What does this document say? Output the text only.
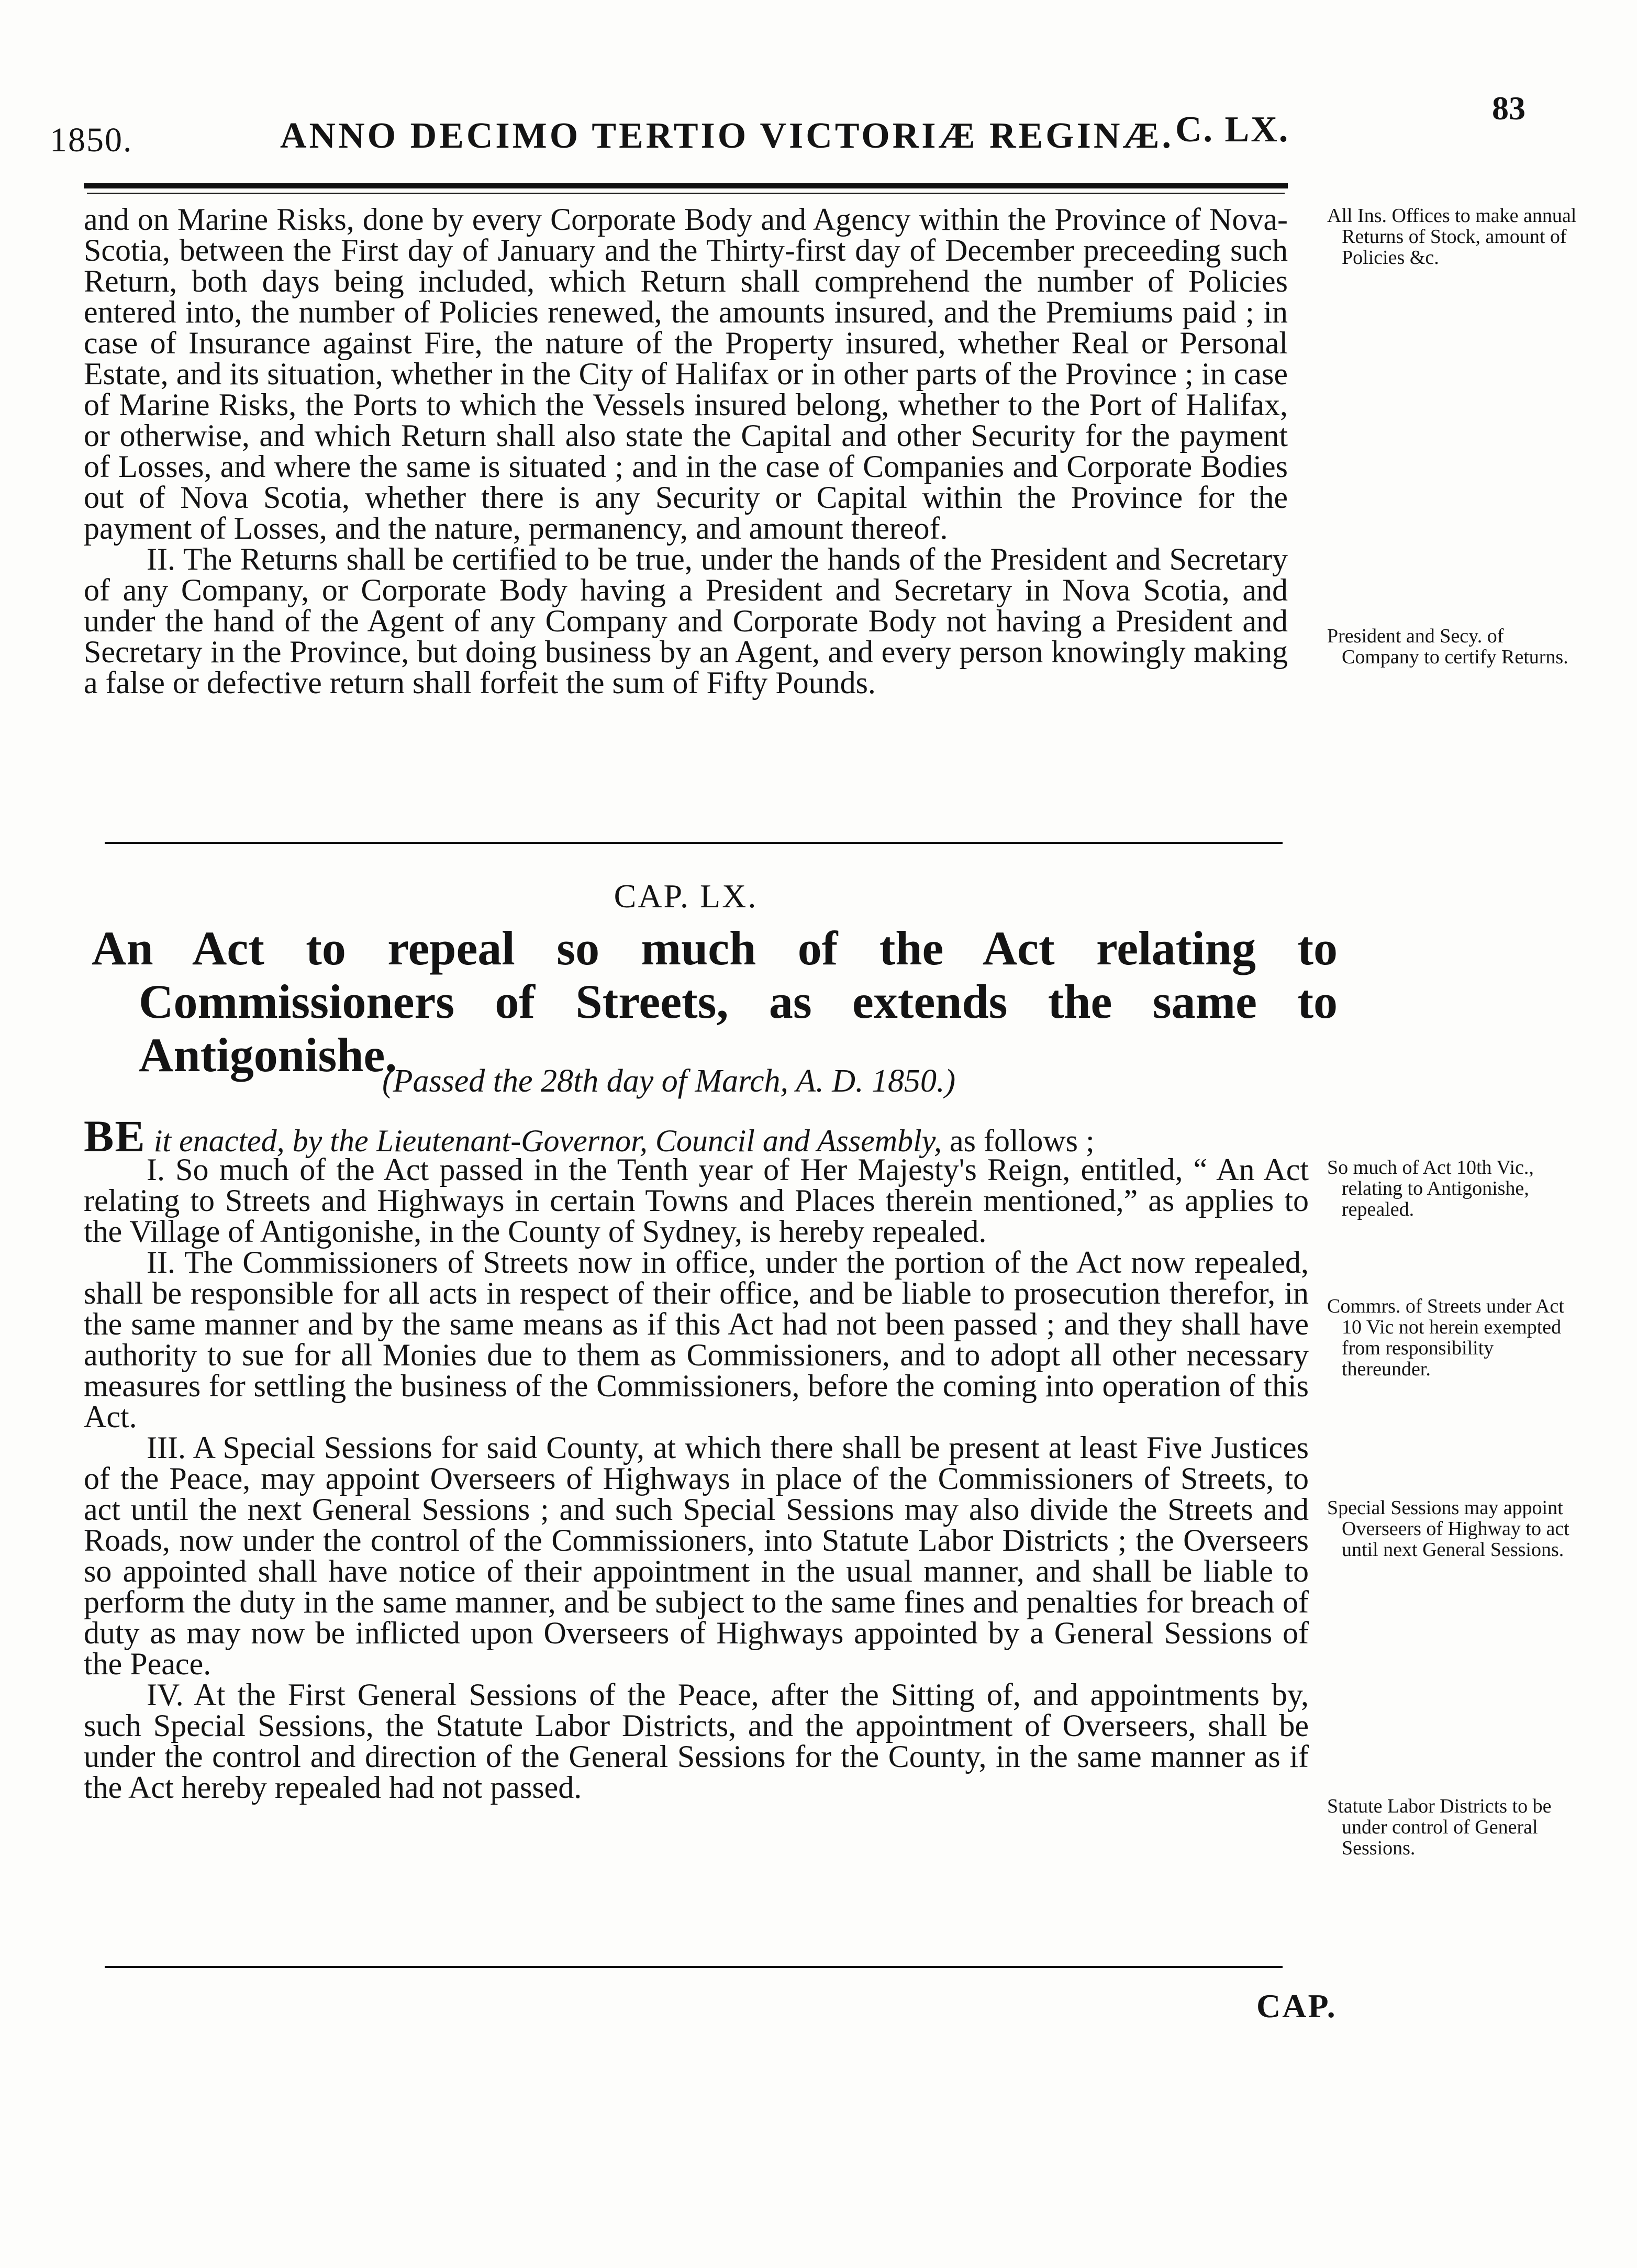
1850.	ANNO DECIMO TERTIO VICTORIÆ REGINÆ. C. LX.
83

and on Marine Risks, done by every Corporate Body and Agency within the Province of Nova-Scotia, between the First day of January and the Thirty-first day of December preceeding such Return, both days being included, which Return shall comprehend the number of Policies entered into, the number of Policies renewed, the amounts insured, and the Premiums paid ; in case of Insurance against Fire, the nature of the Property insured, whether Real or Personal Estate, and its situation, whether in the City of Halifax or in other parts of the Province ; in case of Marine Risks, the Ports to which the Vessels insured belong, whether to the Port of Halifax, or otherwise, and which Return shall also state the Capital and other Security for the payment of Losses, and where the same is situated ; and in the case of Companies and Corporate Bodies out of Nova Scotia, whether there is any Security or Capital within the Province for the payment of Losses, and the nature, permanency, and amount thereof.

II. The Returns shall be certified to be true, under the hands of the President and Secretary of any Company, or Corporate Body having a President and Secretary in Nova Scotia, and under the hand of the Agent of any Company and Corporate Body not having a President and Secretary in the Province, but doing business by an Agent, and every person knowingly making a false or defective return shall forfeit the sum of Fifty Pounds.

All Ins. Offices to make annual Returns of Stock, amount of Policies &c.
President and Secy. of Company to certify Returns.
CAP. LX.
An Act to repeal so much of the Act relating to Commissioners of Streets, as extends the same to Antigonishe.
(Passed the 28th day of March, A. D. 1850.)
BE it enacted, by the Lieutenant-Governor, Council and Assembly, as follows ;

I. So much of the Act passed in the Tenth year of Her Majesty's Reign, entitled, “ An Act relating to Streets and Highways in certain Towns and Places therein mentioned,” as applies to the Village of Antigonishe, in the County of Sydney, is hereby repealed.

II. The Commissioners of Streets now in office, under the portion of the Act now repealed, shall be responsible for all acts in respect of their office, and be liable to prosecution therefor, in the same manner and by the same means as if this Act had not been passed ; and they shall have authority to sue for all Monies due to them as Commissioners, and to adopt all other necessary measures for settling the business of the Commissioners, before the coming into operation of this Act.

III. A Special Sessions for said County, at which there shall be present at least Five Justices of the Peace, may appoint Overseers of Highways in place of the Commissioners of Streets, to act until the next General Sessions ; and such Special Sessions may also divide the Streets and Roads, now under the control of the Commissioners, into Statute Labor Districts ; the Overseers so appointed shall have notice of their appointment in the usual manner, and shall be liable to perform the duty in the same manner, and be subject to the same fines and penalties for breach of duty as may now be inflicted upon Overseers of Highways appointed by a General Sessions of the Peace.

IV. At the First General Sessions of the Peace, after the Sitting of, and appointments by, such Special Sessions, the Statute Labor Districts, and the appointment of Overseers, shall be under the control and direction of the General Sessions for the County, in the same manner as if the Act hereby repealed had not passed.

So much of Act 10th Vic., relating to Antigonishe, repealed.
Commrs. of Streets under Act 10 Vic not herein exempted from responsibility thereunder.
Special Sessions may appoint Overseers of Highway to act until next General Sessions.
Statute Labor Districts to be under control of General Sessions.
CAP.
